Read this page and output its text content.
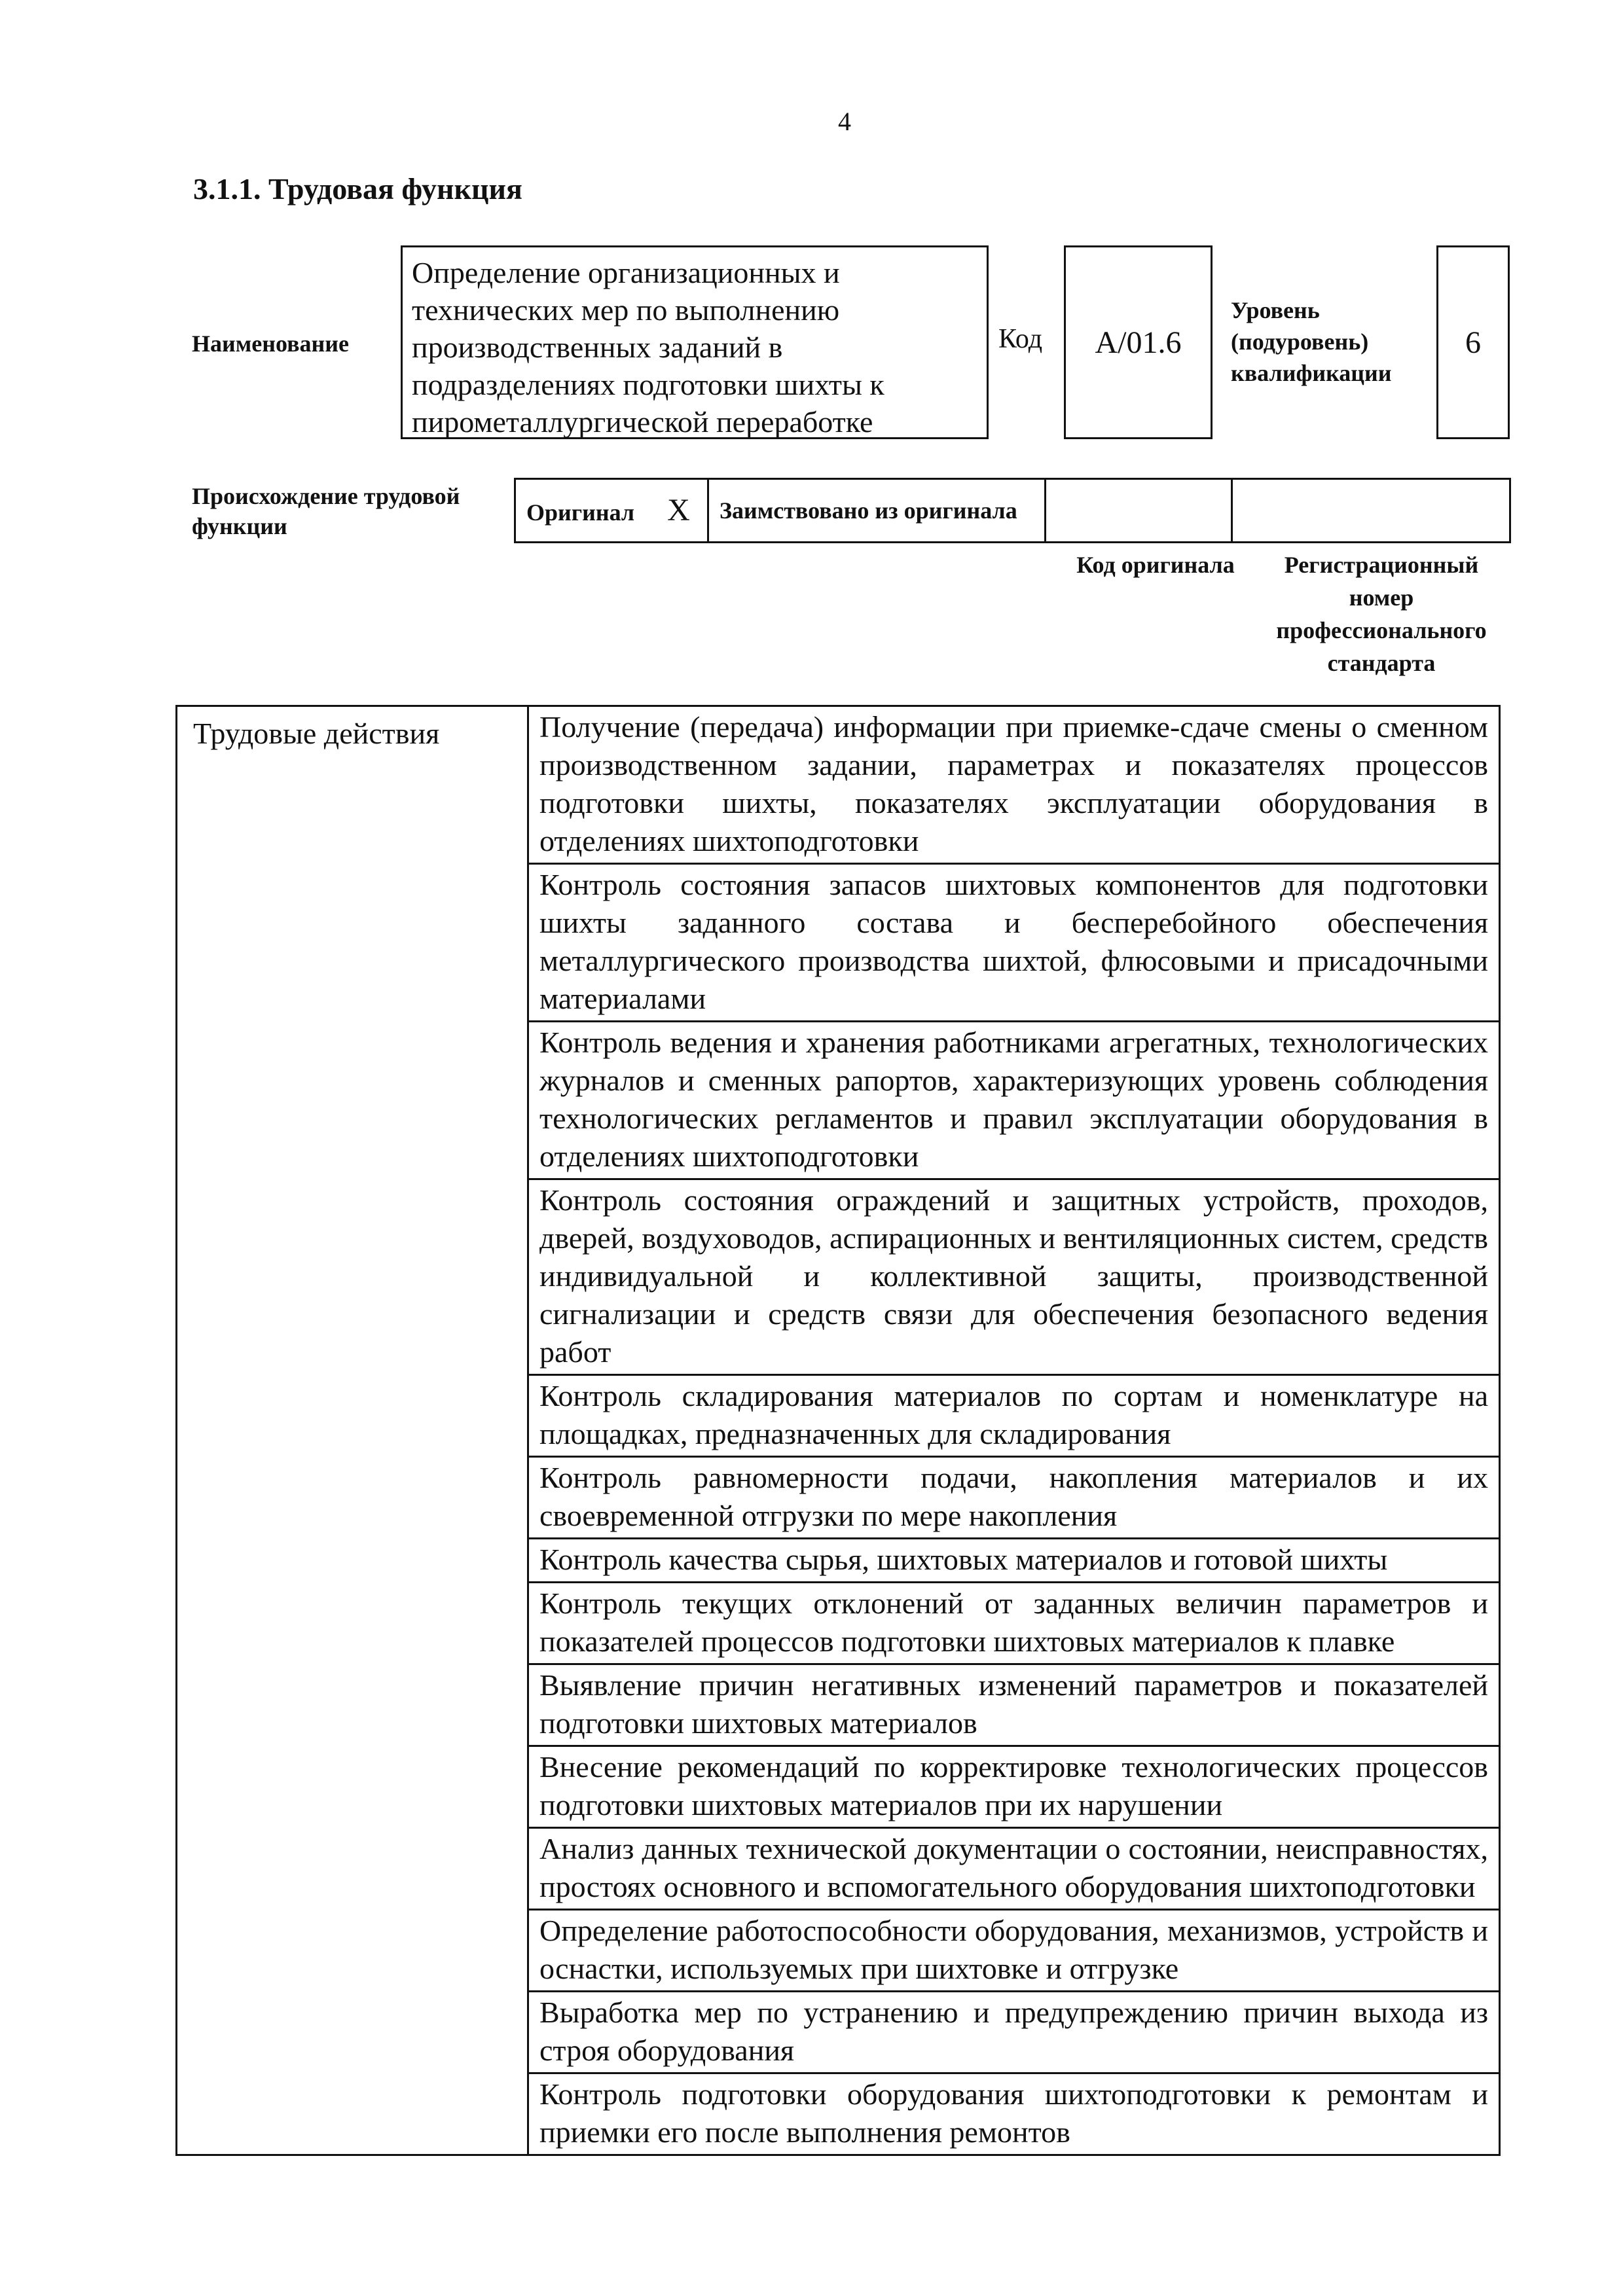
4
3.1.1. Трудовая функция
Наименование
Определение организационных и технических мер по выполнению производственных заданий в подразделениях подготовки шихты к пирометаллургической переработке
Код А/01.6
Уровень (подуровень) квалификации
6
Происхождение трудовой функции
Оригинал X	Заимствовано из оригинала		
Код оригинала	Регистрационный номер профессионального стандарта
Трудовые действия	Получение (передача) информации при приемке-сдаче смены о сменном производственном задании, параметрах и показателях процессов подготовки шихты, показателях эксплуатации оборудования в отделениях шихтоподготовки
Контроль состояния запасов шихтовых компонентов для подготовки шихты заданного состава и бесперебойного обеспечения металлургического производства шихтой, флюсовыми и присадочными материалами
Контроль ведения и хранения работниками агрегатных, технологических журналов и сменных рапортов, характеризующих уровень соблюдения технологических регламентов и правил эксплуатации оборудования в отделениях шихтоподготовки
Контроль состояния ограждений и защитных устройств, проходов, дверей, воздуховодов, аспирационных и вентиляционных систем, средств индивидуальной и коллективной защиты, производственной сигнализации и средств связи для обеспечения безопасного ведения работ
Контроль складирования материалов по сортам и номенклатуре на площадках, предназначенных для складирования
Контроль равномерности подачи, накопления материалов и их своевременной отгрузки по мере накопления
Контроль качества сырья, шихтовых материалов и готовой шихты
Контроль текущих отклонений от заданных величин параметров и показателей процессов подготовки шихтовых материалов к плавке
Выявление причин негативных изменений параметров и показателей подготовки шихтовых материалов
Внесение рекомендаций по корректировке технологических процессов подготовки шихтовых материалов при их нарушении
Анализ данных технической документации о состоянии, неисправностях, простоях основного и вспомогательного оборудования шихтоподготовки
Определение работоспособности оборудования, механизмов, устройств и оснастки, используемых при шихтовке и отгрузке
Выработка мер по устранению и предупреждению причин выхода из строя оборудования
Контроль подготовки оборудования шихтоподготовки к ремонтам и приемки его после выполнения ремонтов
